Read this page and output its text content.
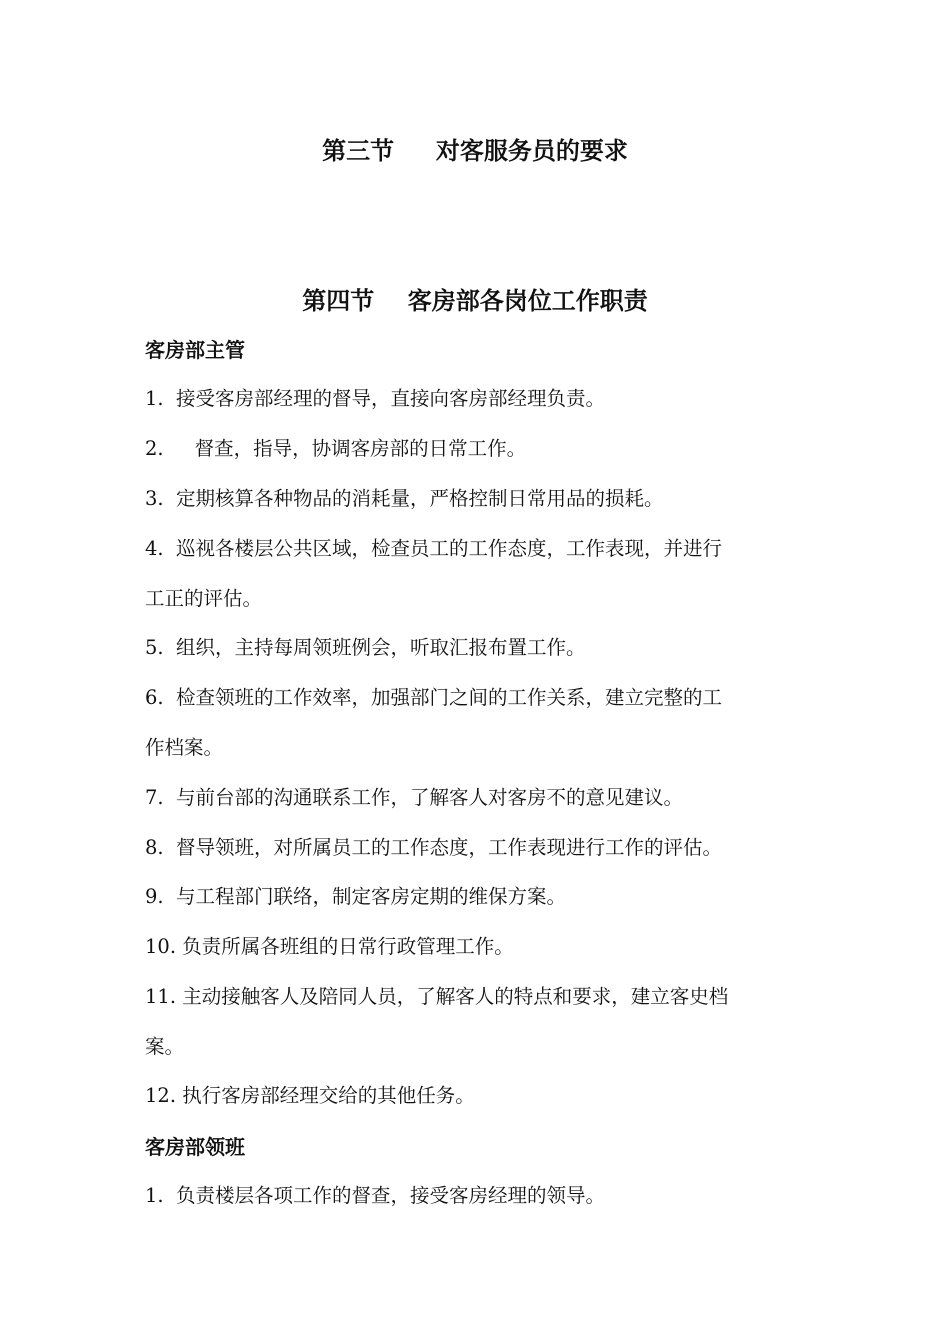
第三节     对客服务员的要求
第四节    客房部各岗位工作职责
客房部主管
1.  接受客房部经理的督导，直接向客房部经理负责。
2.     督查，指导，协调客房部的日常工作。
3.  定期核算各种物品的消耗量，严格控制日常用品的损耗。
4.  巡视各楼层公共区域，检查员工的工作态度，工作表现，并进行
工正的评估。
5.  组织，主持每周领班例会，听取汇报布置工作。
6.  检查领班的工作效率，加强部门之间的工作关系，建立完整的工
作档案。
7.  与前台部的沟通联系工作，了解客人对客房不的意见建议。
8.  督导领班，对所属员工的工作态度，工作表现进行工作的评估。
9.  与工程部门联络，制定客房定期的维保方案。
10. 负责所属各班组的日常行政管理工作。
11. 主动接触客人及陪同人员，了解客人的特点和要求，建立客史档
案。
12. 执行客房部经理交给的其他任务。
客房部领班
1.  负责楼层各项工作的督查，接受客房经理的领导。
